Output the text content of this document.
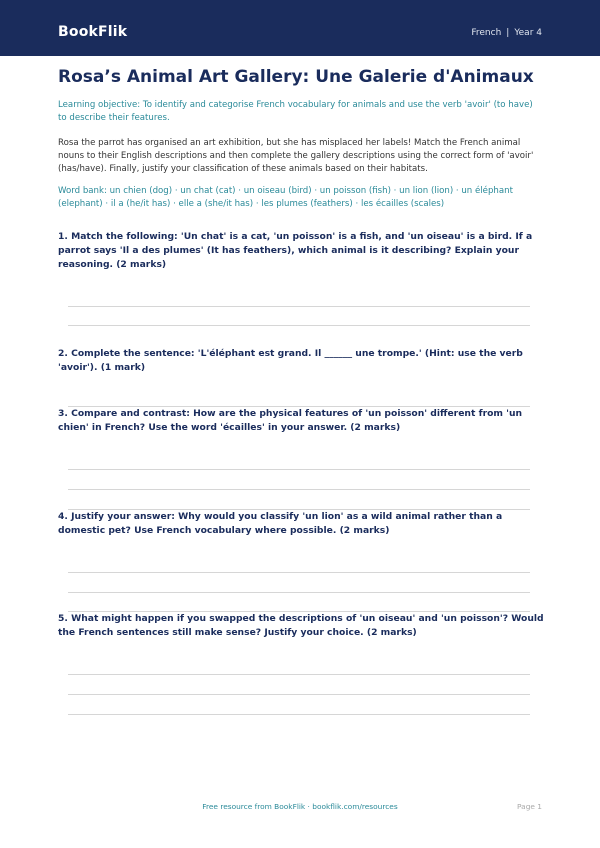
BookFlik	French | Year 4
Rosa’s Animal Art Gallery: Une Galerie d'Animaux
Learning objective: To identify and categorise French vocabulary for animals and use the verb 'avoir' (to have) to describe their features.
Rosa the parrot has organised an art exhibition, but she has misplaced her labels! Match the French animal nouns to their English descriptions and then complete the gallery descriptions using the correct form of 'avoir' (has/have). Finally, justify your classification of these animals based on their habitats.
Word bank: un chien (dog) · un chat (cat) · un oiseau (bird) · un poisson (fish) · un lion (lion) · un éléphant (elephant) · il a (he/it has) · elle a (she/it has) · les plumes (feathers) · les écailles (scales)
1. Match the following: 'Un chat' is a cat, 'un poisson' is a fish, and 'un oiseau' is a bird. If a parrot says 'Il a des plumes' (It has feathers), which animal is it describing? Explain your reasoning. (2 marks)
2. Complete the sentence: 'L'éléphant est grand. Il ______ une trompe.' (Hint: use the verb 'avoir'). (1 mark)
3. Compare and contrast: How are the physical features of 'un poisson' different from 'un chien' in French? Use the word 'écailles' in your answer. (2 marks)
4. Justify your answer: Why would you classify 'un lion' as a wild animal rather than a domestic pet? Use French vocabulary where possible. (2 marks)
5. What might happen if you swapped the descriptions of 'un oiseau' and 'un poisson'? Would the French sentences still make sense? Justify your choice. (2 marks)
Free resource from BookFlik · bookflik.com/resources	Page 1
